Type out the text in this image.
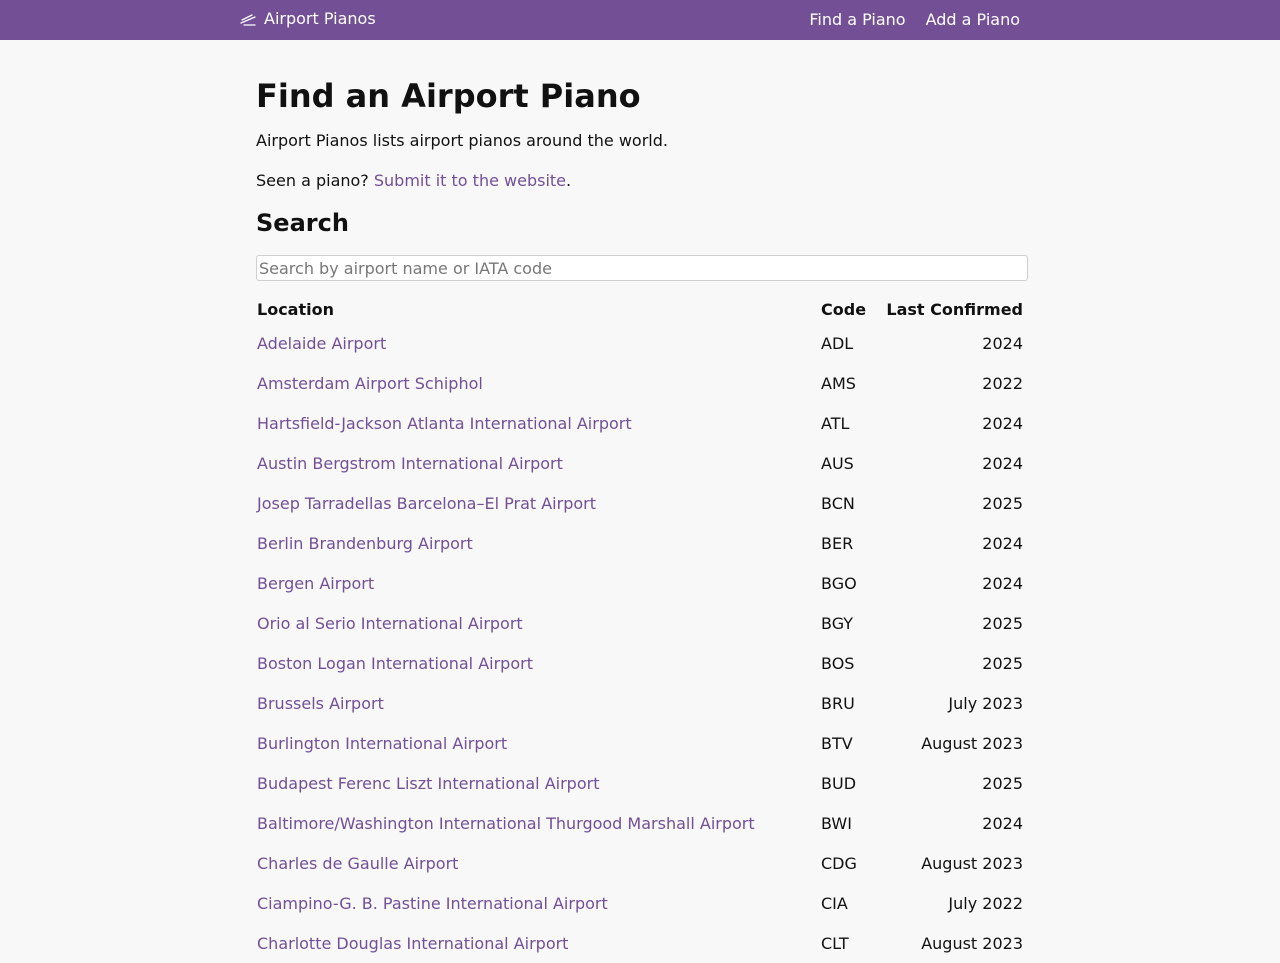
Airport Pianos	Find a Piano Add a Piano
Find an Airport Piano

Airport Pianos lists airport pianos around the world.

Seen a piano? Submit it to the website.

Search
Search by airport name or IATA code
Location	Code	Last Confirmed
Adelaide Airport	ADL	2024
Amsterdam Airport Schiphol	AMS	2022
Hartsfield-Jackson Atlanta International Airport	ATL	2024
Austin Bergstrom International Airport	AUS	2024
Josep Tarradellas Barcelona–El Prat Airport	BCN	2025
Berlin Brandenburg Airport	BER	2024
Bergen Airport	BGO	2024
Orio al Serio International Airport	BGY	2025
Boston Logan International Airport	BOS	2025
Brussels Airport	BRU	July 2023
Burlington International Airport	BTV	August 2023
Budapest Ferenc Liszt International Airport	BUD	2025
Baltimore/Washington International Thurgood Marshall Airport	BWI	2024
Charles de Gaulle Airport	CDG	August 2023
Ciampino-G. B. Pastine International Airport	CIA	July 2022
Charlotte Douglas International Airport	CLT	August 2023
